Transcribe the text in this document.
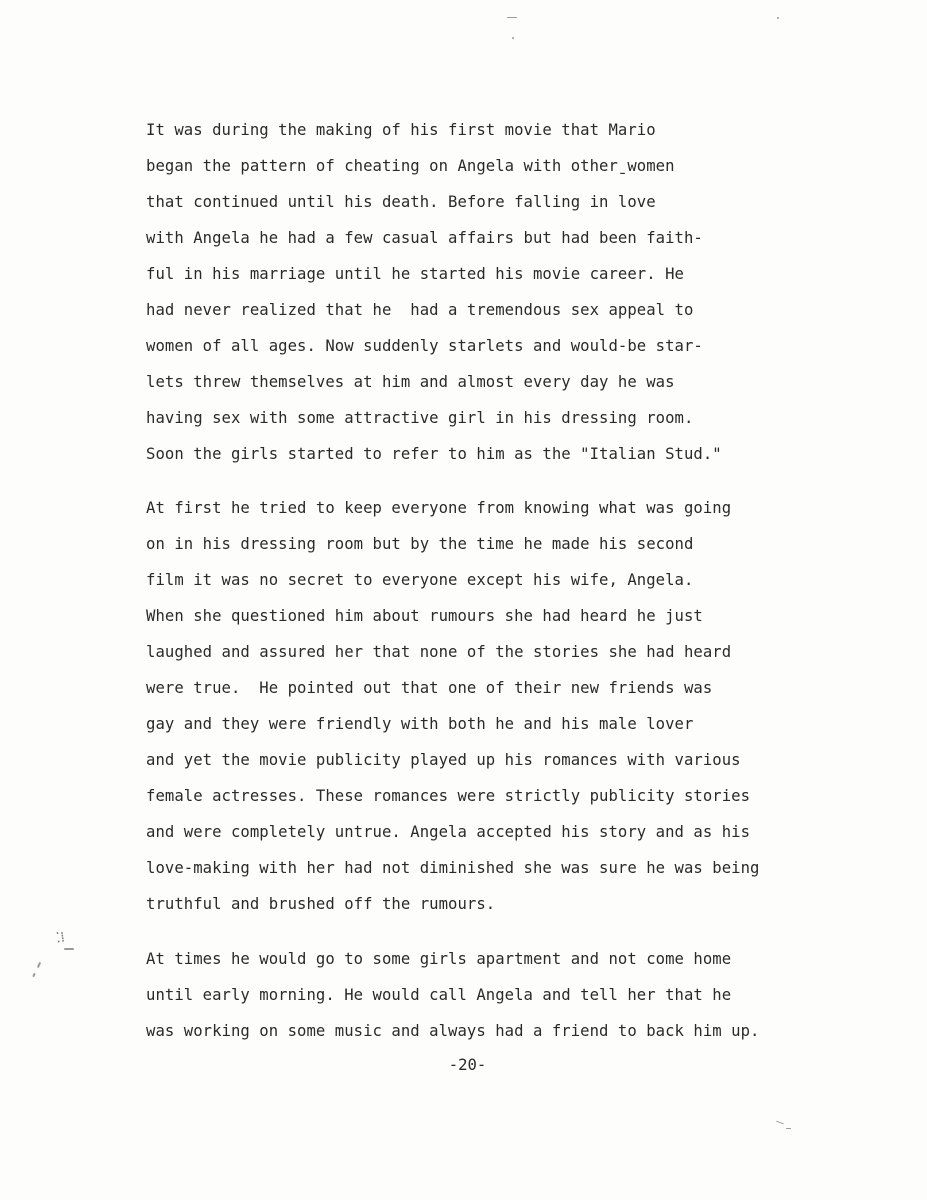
It was during the making of his first movie that Mario
began the pattern of cheating on Angela with otherˍwomen
that continued until his death. Before falling in love
with Angela he had a few casual affairs but had been faith-
ful in his marriage until he started his movie career. He
had never realized that he  had a tremendous sex appeal to
women of all ages. Now suddenly starlets and would-be star-
lets threw themselves at him and almost every day he was
having sex with some attractive girl in his dressing room.
Soon the girls started to refer to him as the "Italian Stud."
At first he tried to keep everyone from knowing what was going
on in his dressing room but by the time he made his second
film it was no secret to everyone except his wife, Angela.
When she questioned him about rumours she had heard he just
laughed and assured her that none of the stories she had heard
were true.  He pointed out that one of their new friends was
gay and they were friendly with both he and his male lover
and yet the movie publicity played up his romances with various
female actresses. These romances were strictly publicity stories
and were completely untrue. Angela accepted his story and as his
love-making with her had not diminished she was sure he was being
truthful and brushed off the rumours.
⁚⁞
At times he would go to some girls apartment and not come home
until early morning. He would call Angela and tell her that he
was working on some music and always had a friend to back him up.
-20-
